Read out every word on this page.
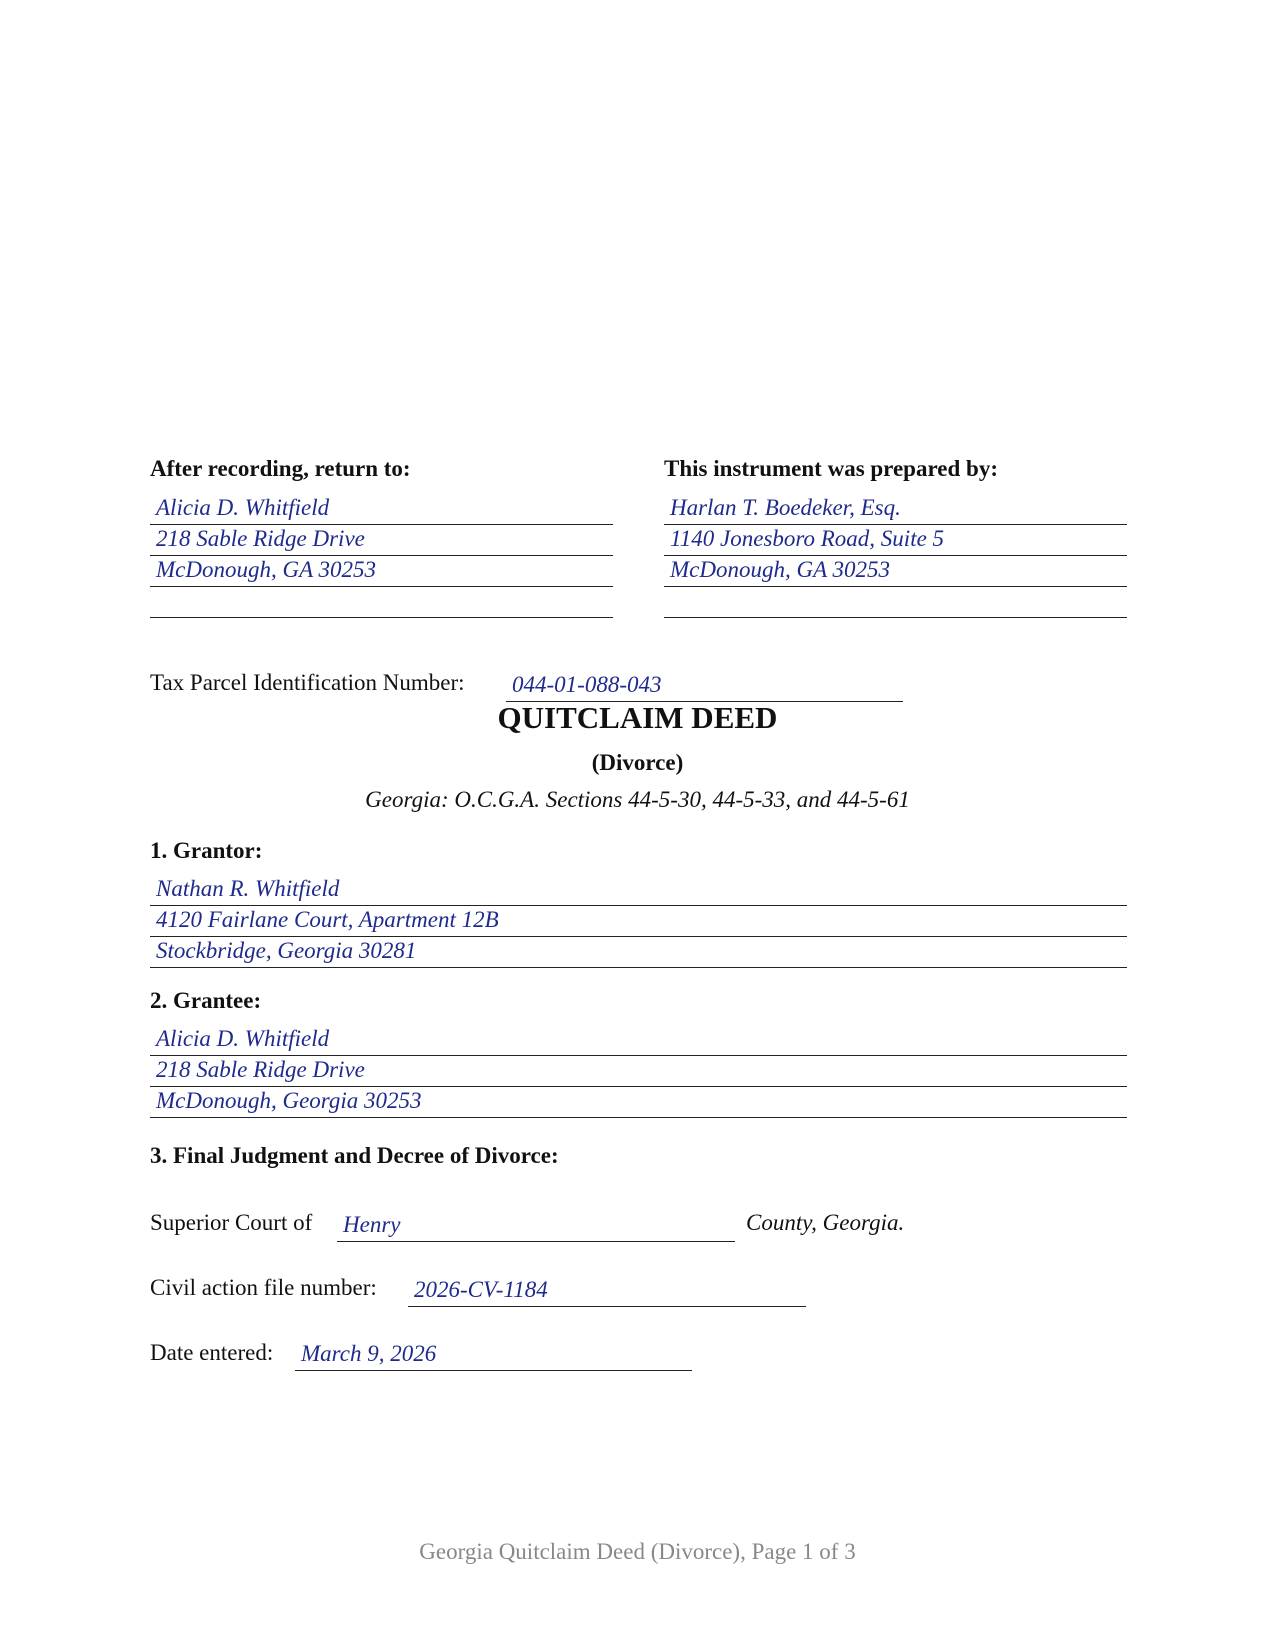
After recording, return to:
Alicia D. Whitfield
218 Sable Ridge Drive
McDonough, GA 30253
This instrument was prepared by:
Harlan T. Boedeker, Esq.
1140 Jonesboro Road, Suite 5
McDonough, GA 30253
Tax Parcel Identification Number: 044-01-088-043
QUITCLAIM DEED
(Divorce)
Georgia: O.C.G.A. Sections 44-5-30, 44-5-33, and 44-5-61
1. Grantor:
Nathan R. Whitfield
4120 Fairlane Court, Apartment 12B
Stockbridge, Georgia 30281
2. Grantee:
Alicia D. Whitfield
218 Sable Ridge Drive
McDonough, Georgia 30253
3. Final Judgment and Decree of Divorce:
Superior Court of Henry	County, Georgia.
Civil action file number: 2026-CV-1184
Date entered: March 9, 2026
Georgia Quitclaim Deed (Divorce), Page 1 of 3
